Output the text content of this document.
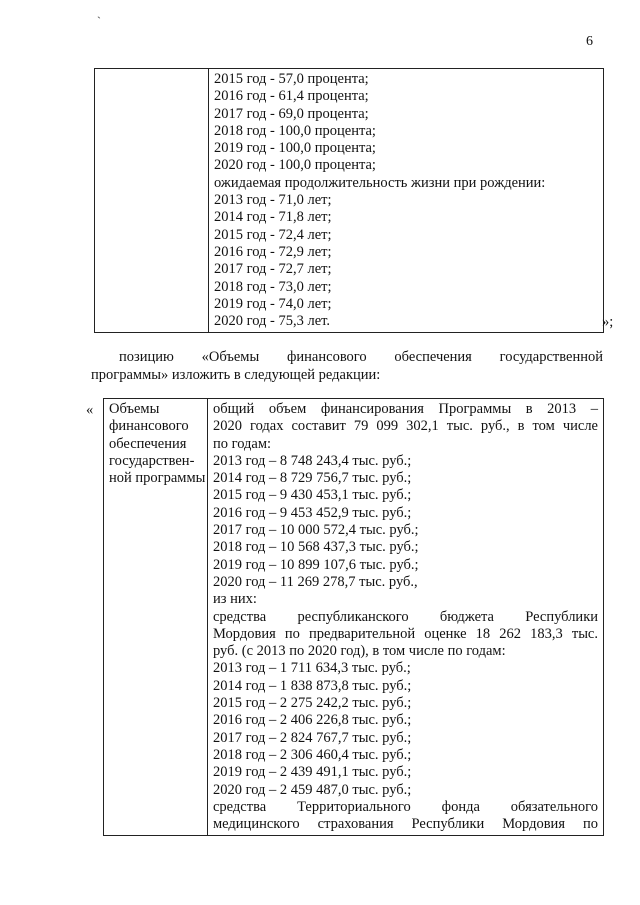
`
6

2015 год - 57,0 процента;
2016 год - 61,4 процента;
2017 год - 69,0 процента;
2018 год - 100,0 процента;
2019 год - 100,0 процента;
2020 год - 100,0 процента;
ожидаемая продолжительность жизни при рождении:
2013 год - 71,0 лет;
2014 год - 71,8 лет;
2015 год - 72,4 лет;
2016 год - 72,9 лет;
2017 год - 72,7 лет;
2018 год - 73,0 лет;
2019 год - 74,0 лет;
2020 год - 75,3 лет.	»;
позицию «Объемы финансового обеспечения государственной
программы» изложить в следующей редакции:
« Объемы
финансового
обеспечения
государствен-
ной программы

общий объем финансирования Программы в 2013 –
2020 годах составит 79 099 302,1 тыс. руб., в том числе
по годам:
2013 год – 8 748 243,4 тыс. руб.;
2014 год – 8 729 756,7 тыс. руб.;
2015 год – 9 430 453,1 тыс. руб.;
2016 год – 9 453 452,9 тыс. руб.;
2017 год – 10 000 572,4 тыс. руб.;
2018 год – 10 568 437,3 тыс. руб.;
2019 год – 10 899 107,6 тыс. руб.;
2020 год – 11 269 278,7 тыс. руб.,
из них:
средства республиканского бюджета Республики
Мордовия по предварительной оценке 18 262 183,3 тыс.
руб. (с 2013 по 2020 год), в том числе по годам:
2013 год – 1 711 634,3 тыс. руб.;
2014 год – 1 838 873,8 тыс. руб.;
2015 год – 2 275 242,2 тыс. руб.;
2016 год – 2 406 226,8 тыс. руб.;
2017 год – 2 824 767,7 тыс. руб.;
2018 год – 2 306 460,4 тыс. руб.;
2019 год – 2 439 491,1 тыс. руб.;
2020 год – 2 459 487,0 тыс. руб.;
средства Территориального фонда обязательного
медицинского страхования Республики Мордовия по
